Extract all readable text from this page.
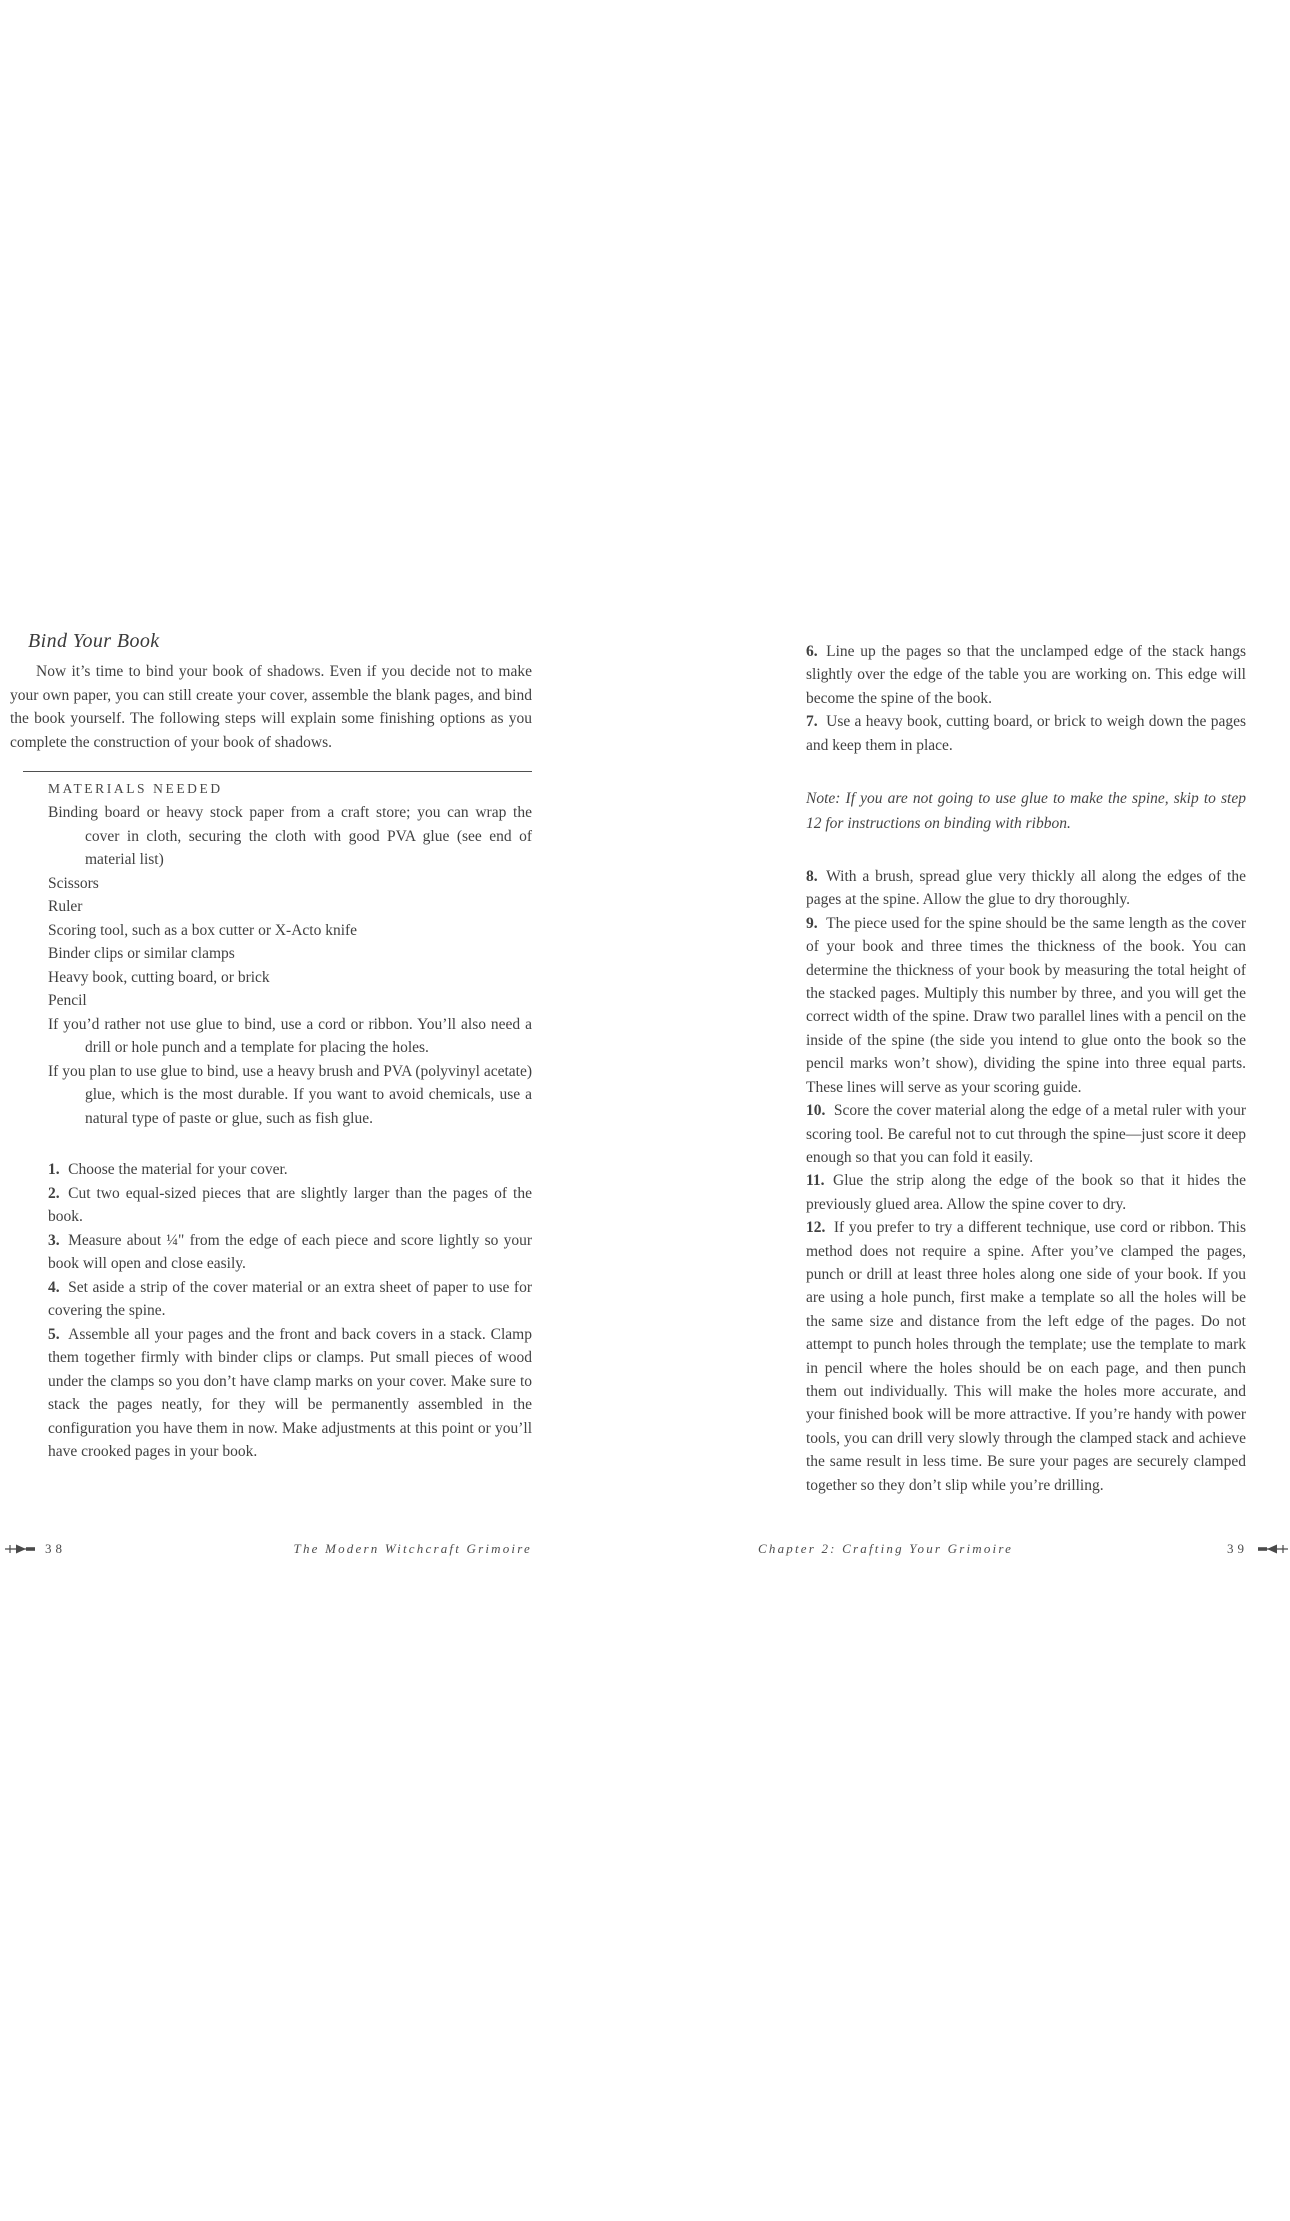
Bind Your Book

Now it’s time to bind your book of shadows. Even if you decide not to make your own paper, you can still create your cover, assemble the blank pages, and bind the book yourself. The following steps will explain some finishing options as you complete the construction of your book of shadows.

MATERIALS NEEDED
Binding board or heavy stock paper from a craft store; you can wrap the cover in cloth, securing the cloth with good PVA glue (see end of material list)
Scissors
Ruler
Scoring tool, such as a box cutter or X-Acto knife
Binder clips or similar clamps
Heavy book, cutting board, or brick
Pencil
If you’d rather not use glue to bind, use a cord or ribbon. You’ll also need a drill or hole punch and a template for placing the holes.
If you plan to use glue to bind, use a heavy brush and PVA (polyvinyl acetate) glue, which is the most durable. If you want to avoid chemicals, use a natural type of paste or glue, such as fish glue.

1. Choose the material for your cover.

2. Cut two equal-sized pieces that are slightly larger than the pages of the book.

3. Measure about ¼" from the edge of each piece and score lightly so your book will open and close easily.

4. Set aside a strip of the cover material or an extra sheet of paper to use for covering the spine.

5. Assemble all your pages and the front and back covers in a stack. Clamp them together firmly with binder clips or clamps. Put small pieces of wood under the clamps so you don’t have clamp marks on your cover. Make sure to stack the pages neatly, for they will be permanently assembled in the configuration you have them in now. Make adjustments at this point or you’ll have crooked pages in your book.

6. Line up the pages so that the unclamped edge of the stack hangs slightly over the edge of the table you are working on. This edge will become the spine of the book.

7. Use a heavy book, cutting board, or brick to weigh down the pages and keep them in place.

Note: If you are not going to use glue to make the spine, skip to step 12 for instructions on binding with ribbon.

8. With a brush, spread glue very thickly all along the edges of the pages at the spine. Allow the glue to dry thoroughly.

9. The piece used for the spine should be the same length as the cover of your book and three times the thickness of the book. You can determine the thickness of your book by measuring the total height of the stacked pages. Multiply this number by three, and you will get the correct width of the spine. Draw two parallel lines with a pencil on the inside of the spine (the side you intend to glue onto the book so the pencil marks won’t show), dividing the spine into three equal parts. These lines will serve as your scoring guide.

10. Score the cover material along the edge of a metal ruler with your scoring tool. Be careful not to cut through the spine—just score it deep enough so that you can fold it easily.

11. Glue the strip along the edge of the book so that it hides the previously glued area. Allow the spine cover to dry.

12. If you prefer to try a different technique, use cord or ribbon. This method does not require a spine. After you’ve clamped the pages, punch or drill at least three holes along one side of your book. If you are using a hole punch, first make a template so all the holes will be the same size and distance from the left edge of the pages. Do not attempt to punch holes through the template; use the template to mark in pencil where the holes should be on each page, and then punch them out individually. This will make the holes more accurate, and your finished book will be more attractive. If you’re handy with power tools, you can drill very slowly through the clamped stack and achieve the same result in less time. Be sure your pages are securely clamped together so they don’t slip while you’re drilling.

38	The Modern Witchcraft Grimoire	Chapter 2: Crafting Your Grimoire	39
